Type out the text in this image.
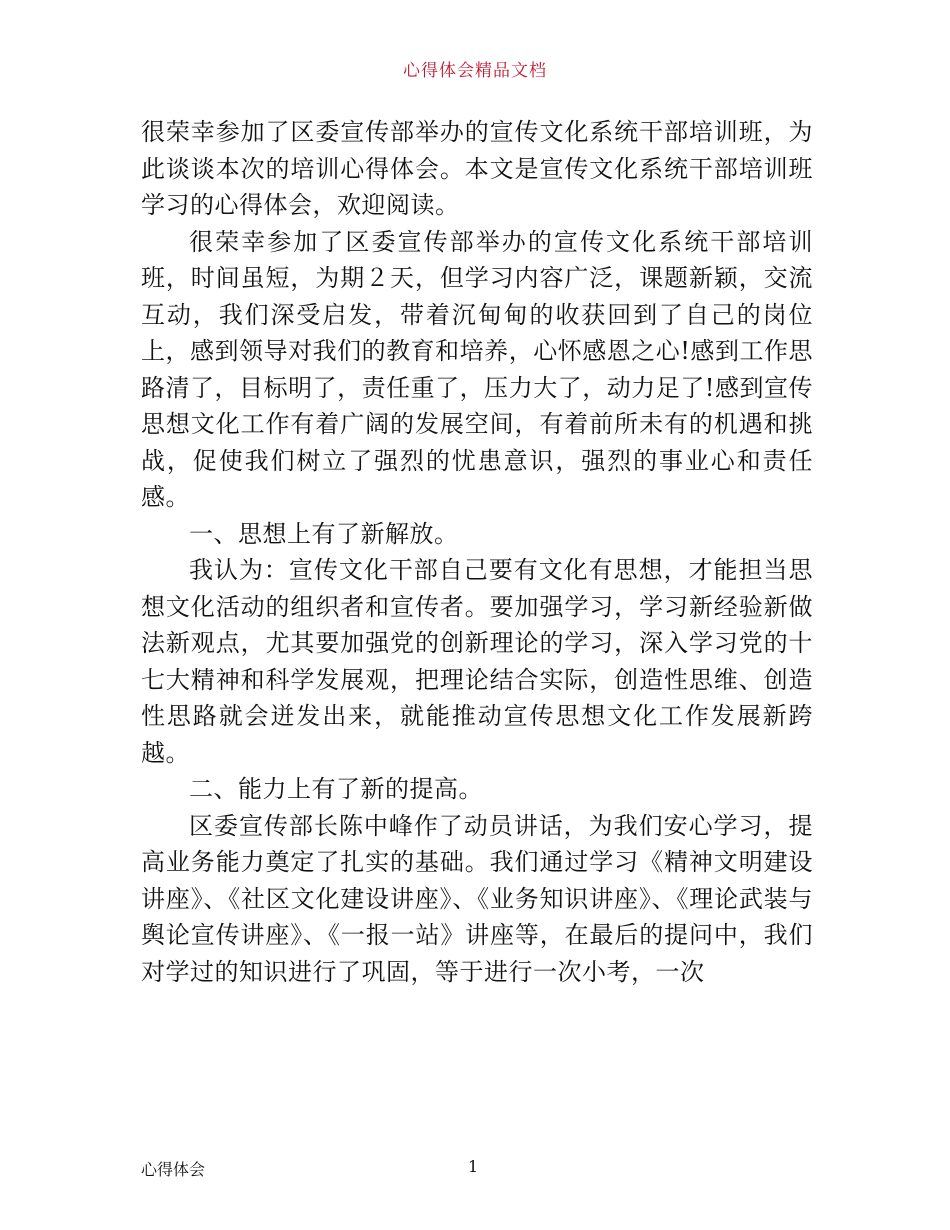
心得体会精品文档

很荣幸参加了区委宣传部举办的宣传文化系统干部培训班，为此谈谈本次的培训心得体会。本文是宣传文化系统干部培训班学习的心得体会，欢迎阅读。

很荣幸参加了区委宣传部举办的宣传文化系统干部培训班，时间虽短，为期２天，但学习内容广泛，课题新颖，交流互动，我们深受启发，带着沉甸甸的收获回到了自己的岗位上，感到领导对我们的教育和培养，心怀感恩之心!感到工作思路清了，目标明了，责任重了，压力大了，动力足了!感到宣传思想文化工作有着广阔的发展空间，有着前所未有的机遇和挑战，促使我们树立了强烈的忧患意识，强烈的事业心和责任感。

一、思想上有了新解放。

我认为：宣传文化干部自己要有文化有思想，才能担当思想文化活动的组织者和宣传者。要加强学习，学习新经验新做法新观点，尤其要加强党的创新理论的学习，深入学习党的十七大精神和科学发展观，把理论结合实际，创造性思维、创造性思路就会迸发出来，就能推动宣传思想文化工作发展新跨越。

二、能力上有了新的提高。

区委宣传部长陈中峰作了动员讲话，为我们安心学习，提高业务能力奠定了扎实的基础。我们通过学习《精神文明建设讲座》、《社区文化建设讲座》、《业务知识讲座》、《理论武装与舆论宣传讲座》、《一报一站》讲座等，在最后的提问中，我们对学过的知识进行了巩固，等于进行一次小考，一次

心得体会	1
